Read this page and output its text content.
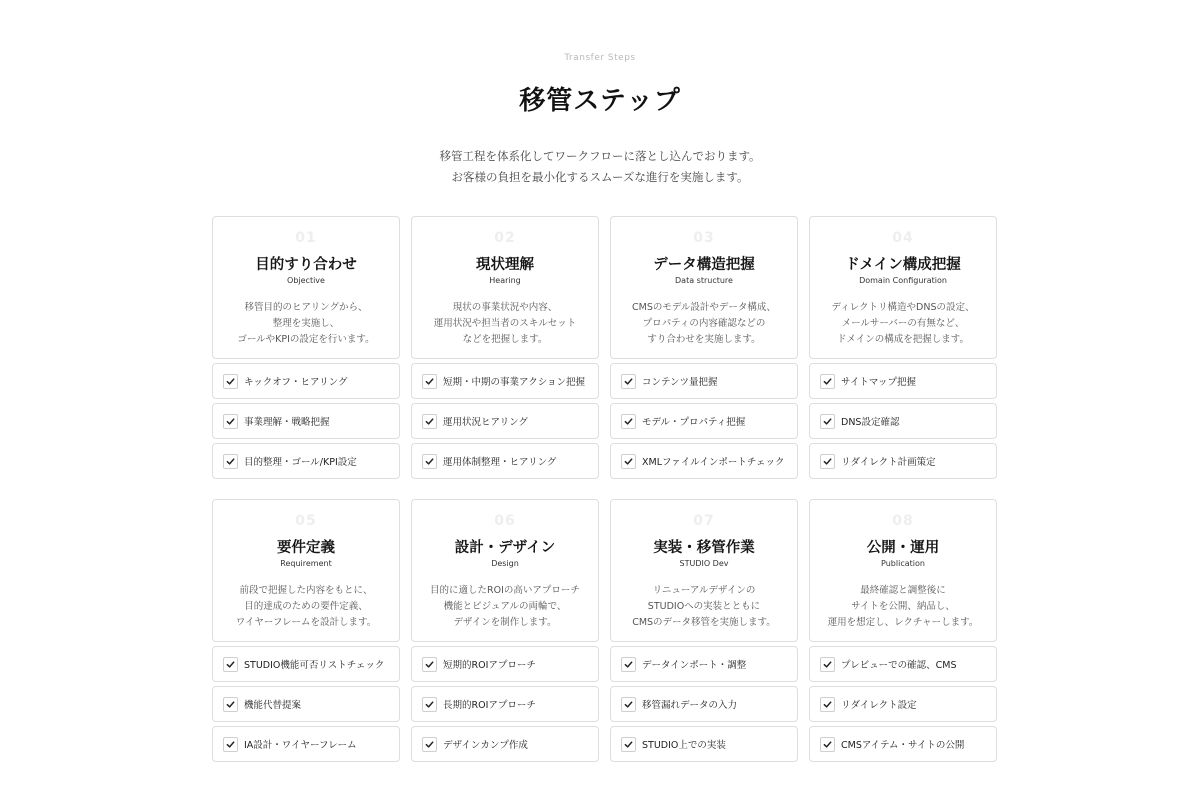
Transfer Steps
移管ステップ
移管工程を体系化してワークフローに落とし込んでおります。
お客様の負担を最小化するスムーズな進行を実施します。
01
目的すり合わせ
Objective
移管目的のヒアリングから、
整理を実施し、
ゴールやKPIの設定を行います。
キックオフ・ヒアリング
事業理解・戦略把握
目的整理・ゴール/KPI設定
02
現状理解
Hearing
現状の事業状況や内容、
運用状況や担当者のスキルセット
などを把握します。
短期・中期の事業アクション把握
運用状況ヒアリング
運用体制整理・ヒアリング
03
データ構造把握
Data structure
CMSのモデル設計やデータ構成、
プロパティの内容確認などの
すり合わせを実施します。
コンテンツ量把握
モデル・プロパティ把握
XMLファイルインポートチェック
04
ドメイン構成把握
Domain Configuration
ディレクトリ構造やDNSの設定、
メールサーバーの有無など、
ドメインの構成を把握します。
サイトマップ把握
DNS設定確認
リダイレクト計画策定
05
要件定義
Requirement
前段で把握した内容をもとに、
目的達成のための要件定義、
ワイヤーフレームを設計します。
STUDIO機能可否リストチェック
機能代替提案
IA設計・ワイヤーフレーム
06
設計・デザイン
Design
目的に適したROIの高いアプローチ
機能とビジュアルの両輪で、
デザインを制作します。
短期的ROIアプローチ
長期的ROIアプローチ
デザインカンプ作成
07
実装・移管作業
STUDIO Dev
リニューアルデザインの
STUDIOへの実装とともに
CMSのデータ移管を実施します。
データインポート・調整
移管漏れデータの入力
STUDIO上での実装
08
公開・運用
Publication
最終確認と調整後に
サイトを公開、納品し、
運用を想定し、レクチャーします。
プレビューでの確認、CMS
リダイレクト設定
CMSアイテム・サイトの公開
